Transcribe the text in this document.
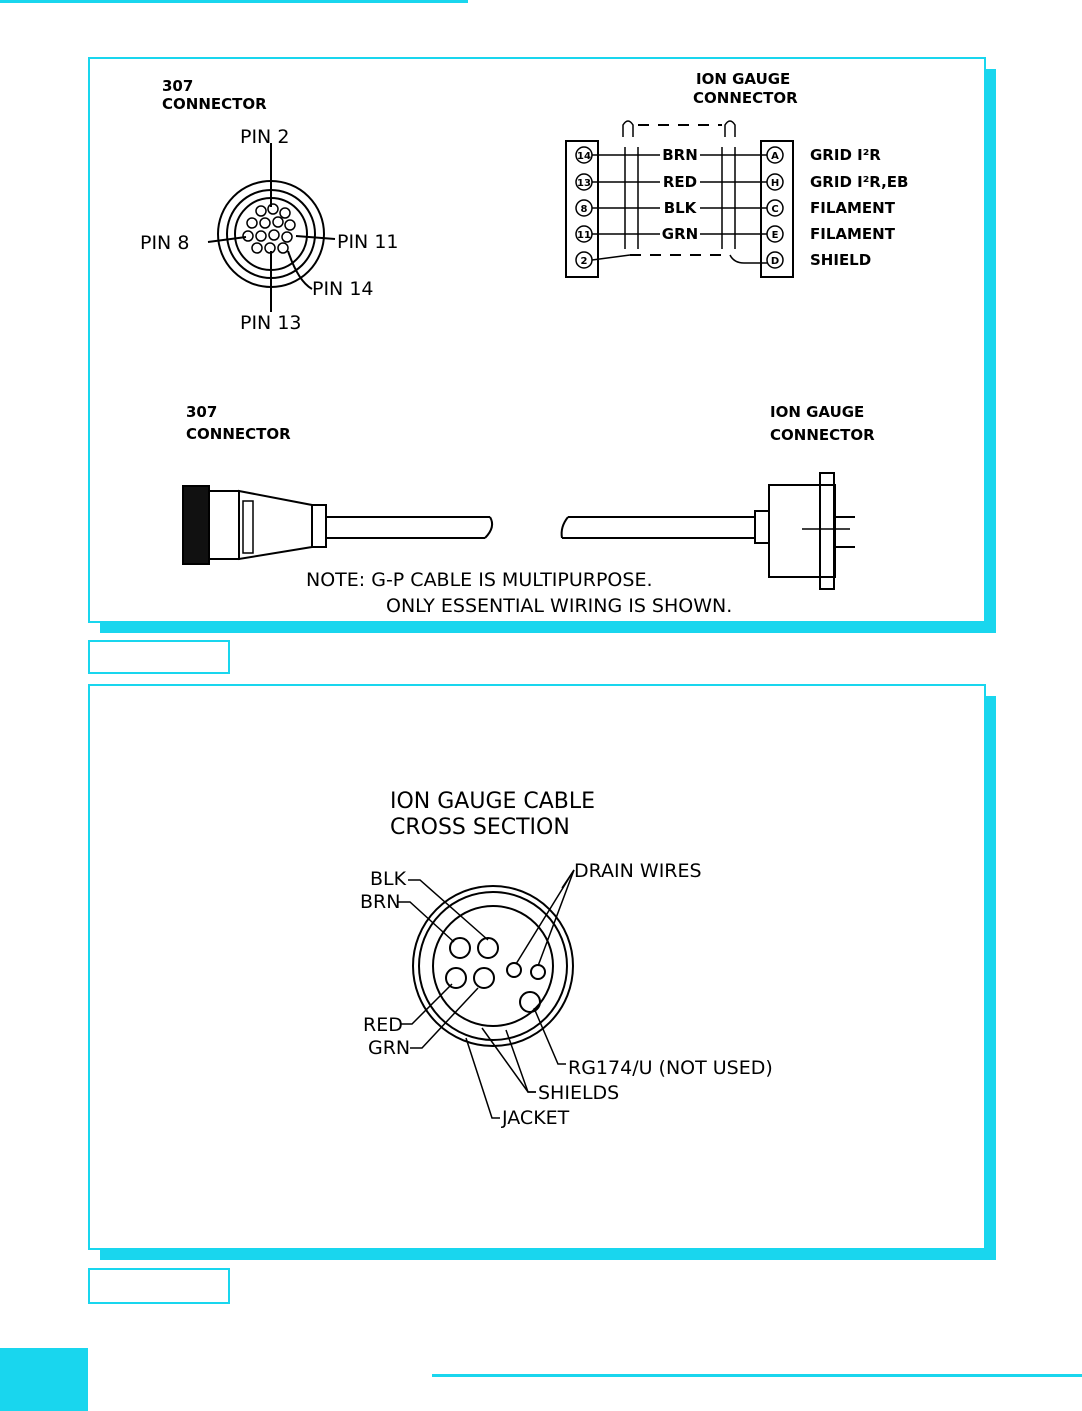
307
CONNECTOR
PIN 2
PIN 8	PIN 11
PIN 14
PIN 13
ION GAUGE
CONNECTOR
14	BRN	A GRID I²R
13	RED	H GRID I²R,EB
8	BLK	C FILAMENT
11	GRN	E FILAMENT
2	D SHIELD
307
CONNECTOR
ION GAUGE
CONNECTOR
NOTE: G-P CABLE IS MULTIPURPOSE.
ONLY ESSENTIAL WIRING IS SHOWN.
ION GAUGE CABLE
CROSS SECTION
BLK
BRN
DRAIN WIRES
RED
GRN
RG174/U (NOT USED)
SHIELDS
JACKET
